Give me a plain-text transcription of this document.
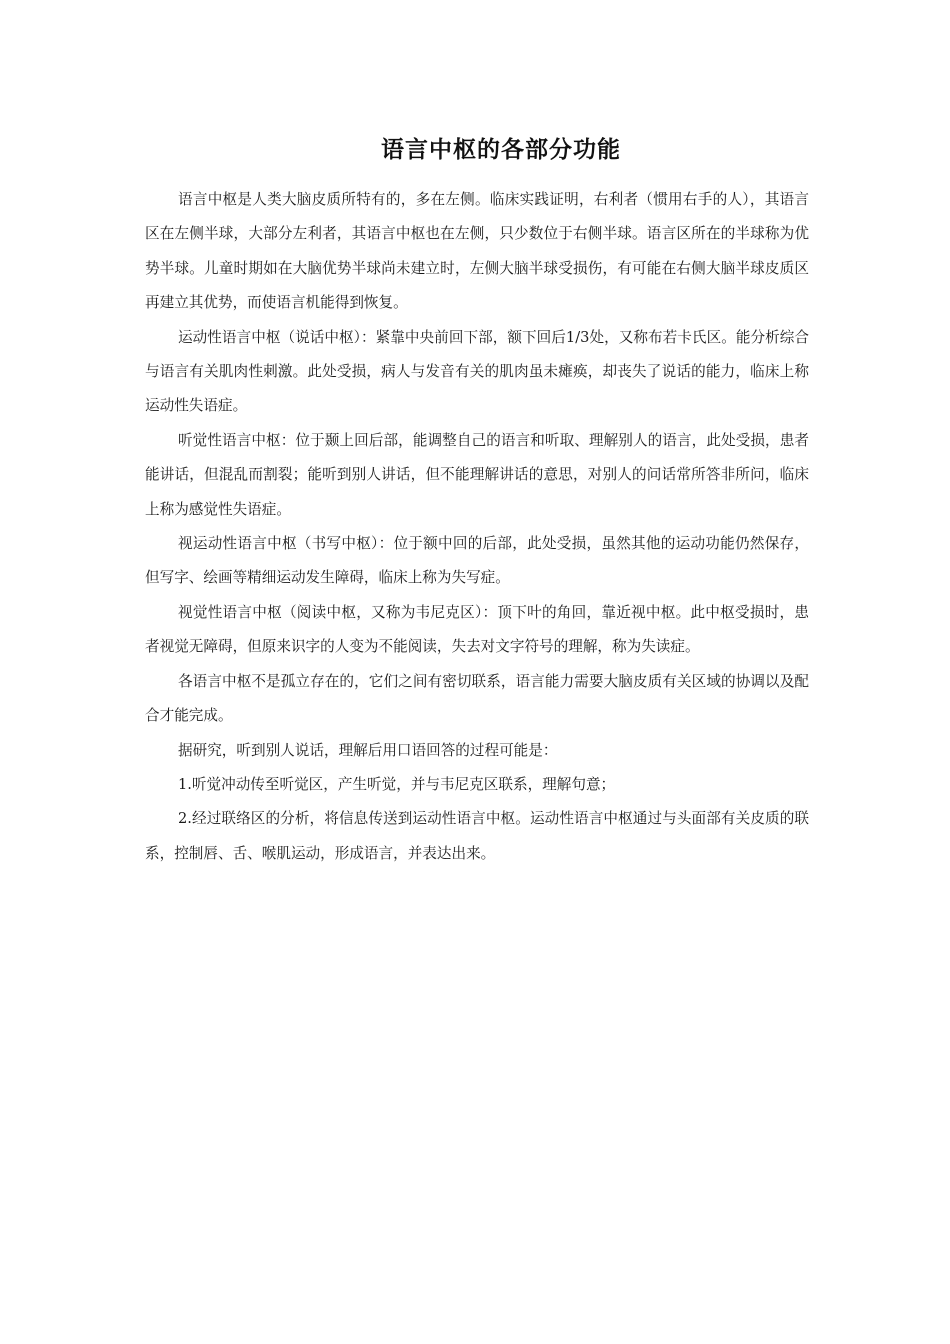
语言中枢的各部分功能

语言中枢是人类大脑皮质所特有的，多在左侧。临床实践证明，右利者（惯用右手的人），其语言区在左侧半球，大部分左利者，其语言中枢也在左侧，只少数位于右侧半球。语言区所在的半球称为优势半球。儿童时期如在大脑优势半球尚未建立时，左侧大脑半球受损伤，有可能在右侧大脑半球皮质区再建立其优势，而使语言机能得到恢复。

运动性语言中枢（说话中枢）：紧靠中央前回下部，额下回后1/3处，又称布若卡氏区。能分析综合与语言有关肌肉性刺激。此处受损，病人与发音有关的肌肉虽未瘫痪，却丧失了说话的能力，临床上称运动性失语症。

听觉性语言中枢：位于颞上回后部，能调整自己的语言和听取、理解别人的语言，此处受损，患者能讲话，但混乱而割裂；能听到别人讲话，但不能理解讲话的意思，对别人的问话常所答非所问，临床上称为感觉性失语症。

视运动性语言中枢（书写中枢）：位于额中回的后部，此处受损，虽然其他的运动功能仍然保存，但写字、绘画等精细运动发生障碍，临床上称为失写症。

视觉性语言中枢（阅读中枢，又称为韦尼克区）：顶下叶的角回，靠近视中枢。此中枢受损时，患者视觉无障碍，但原来识字的人变为不能阅读，失去对文字符号的理解，称为失读症。

各语言中枢不是孤立存在的，它们之间有密切联系，语言能力需要大脑皮质有关区域的协调以及配合才能完成。

据研究，听到别人说话，理解后用口语回答的过程可能是：

1.听觉冲动传至听觉区，产生听觉，并与韦尼克区联系，理解句意；

2.经过联络区的分析，将信息传送到运动性语言中枢。运动性语言中枢通过与头面部有关皮质的联系，控制唇、舌、喉肌运动，形成语言，并表达出来。
